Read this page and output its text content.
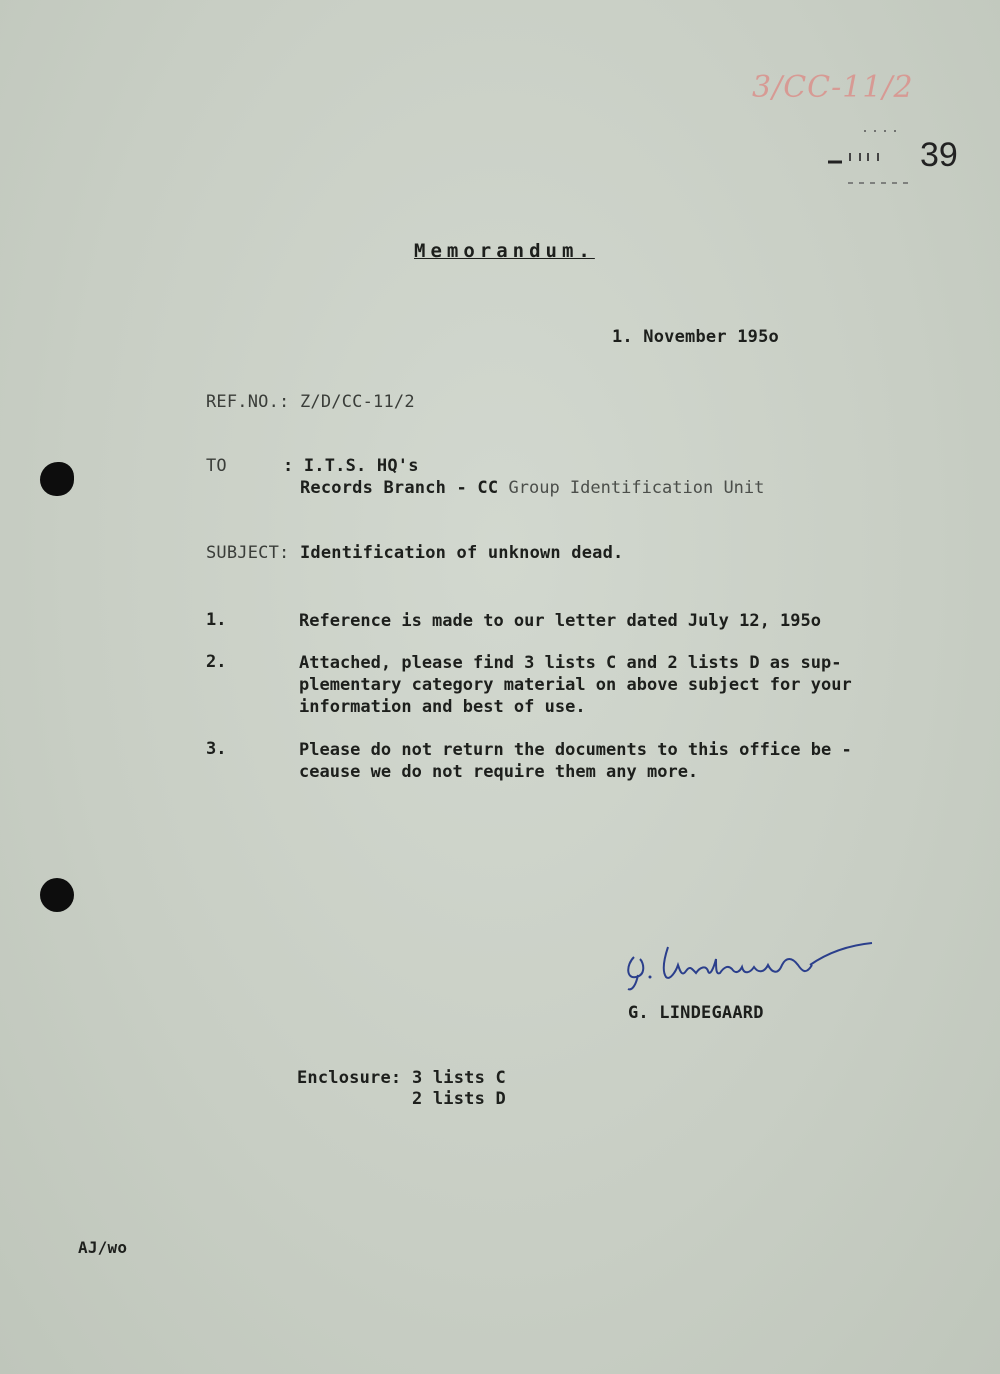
3/CC-11/2
39
Memorandum.
1. November 195o
REF.NO.: Z/D/CC-11/2
TO	: I.T.S. HQ's
Records Branch - CC Group Identification Unit
SUBJECT: Identification of unknown dead.
1.	Reference is made to our letter dated July 12, 195o
2.	Attached, please find 3 lists C and 2 lists D as sup-
plementary category material on above subject for your
information and best of use.
3.	Please do not return the documents to this office be -
ceause we do not require them any more.
G. LINDEGAARD
Enclosure: 3 lists C
2 lists D
AJ/wo
